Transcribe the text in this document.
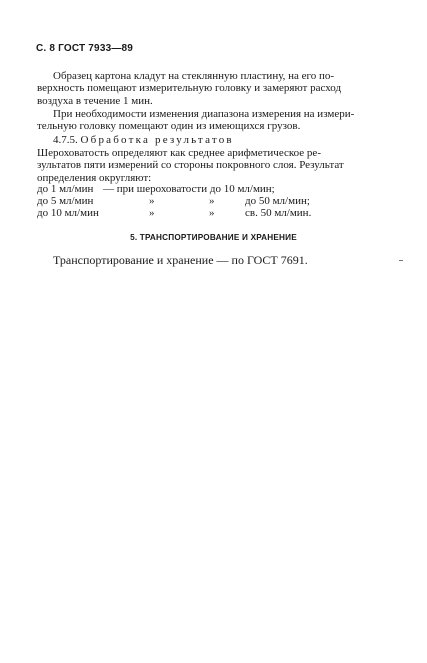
С. 8 ГОСТ 7933—89
Образец картона кладут на стеклянную пластину, на его по-
верхность помещают измерительную головку и замеряют расход
воздуха в течение 1 мин.
При необходимости изменения диапазона измерения на измери-
тельную головку помещают один из имеющихся грузов.
4.7.5. Обработка результатов
Шероховатость определяют как среднее арифметическое ре-
зультатов пяти измерений со стороны покровного слоя. Результат
определения округляют:
до 1 мл/мин — при шероховатости до 10 мл/мин;
до 5 мл/мин	»	»	до 50 мл/мин;
до 10 мл/мин	»	»	св. 50 мл/мин.
5. ТРАНСПОРТИРОВАНИЕ И ХРАНЕНИЕ
Транспортирование и хранение — по ГОСТ 7691.
